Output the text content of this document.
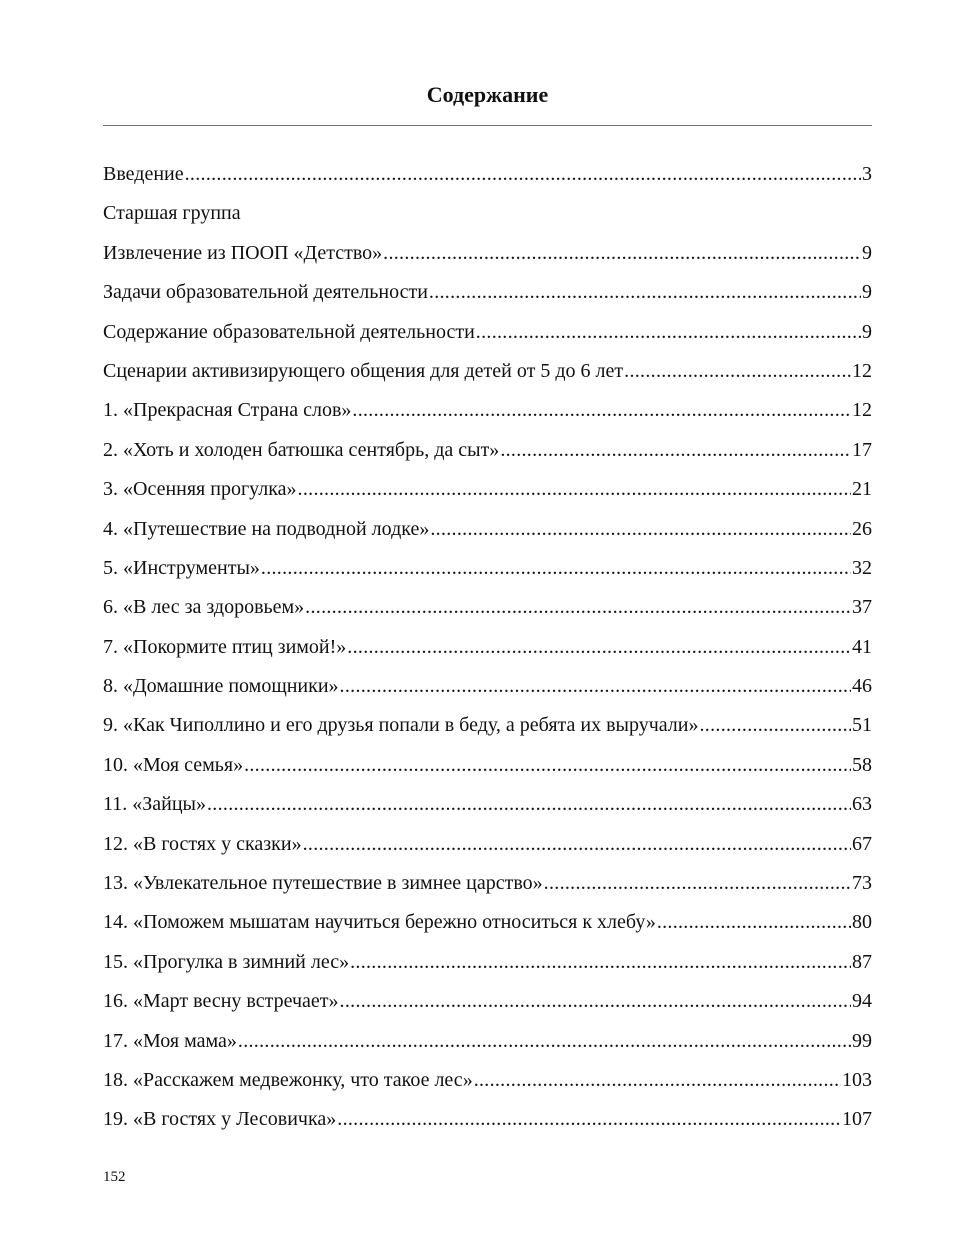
Содержание
Введение .....	3
Старшая группа
Извлечение из ПООП «Детство» .....	9
Задачи образовательной деятельности .....	9
Содержание образовательной деятельности .....	9
Сценарии активизирующего общения для детей от 5 до 6 лет .....	12
1. «Прекрасная Страна слов» .....	12
2. «Хоть и холоден батюшка сентябрь, да сыт» .....	17
3. «Осенняя прогулка» .....	21
4. «Путешествие на подводной лодке» .....	26
5. «Инструменты» .....	32
6. «В лес за здоровьем» .....	37
7. «Покормите птиц зимой!» .....	41
8. «Домашние помощники» .....	46
9. «Как Чиполлино и его друзья попали в беду, а ребята их выручали» .....	51
10. «Моя семья» .....	58
11. «Зайцы» .....	63
12. «В гостях у сказки» .....	67
13. «Увлекательное путешествие в зимнее царство» .....	73
14. «Поможем мышатам научиться бережно относиться к хлебу» .....	80
15. «Прогулка в зимний лес» .....	87
16. «Март весну встречает» .....	94
17. «Моя мама» .....	99
18. «Расскажем медвежонку, что такое лес» .....	103
19. «В гостях у Лесовичка» .....	107
152
